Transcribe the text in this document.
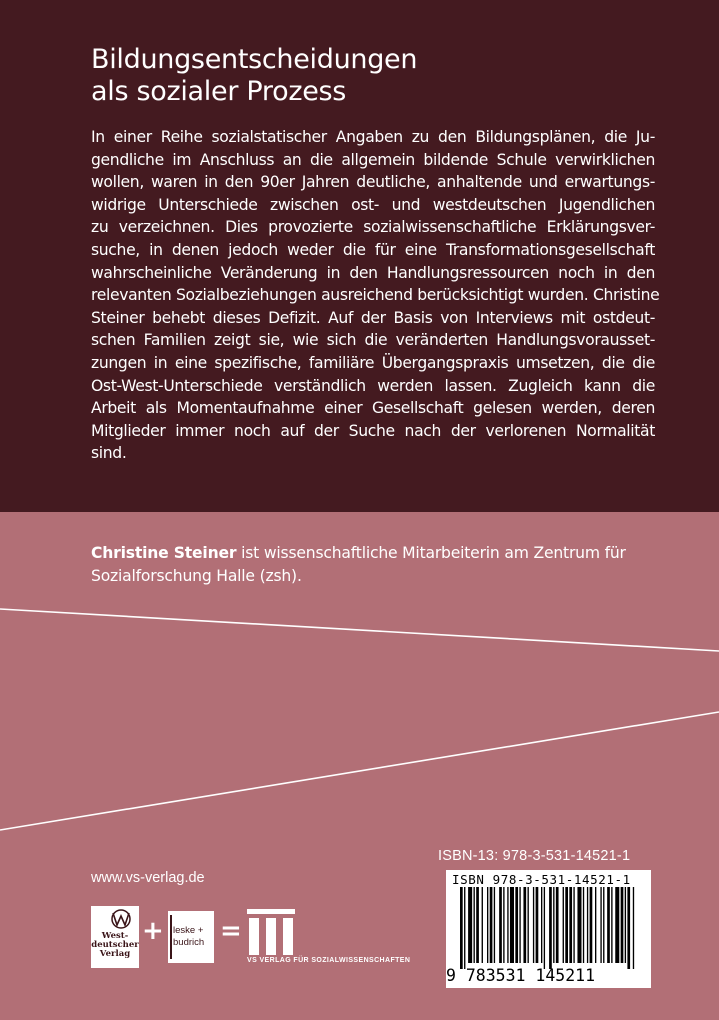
Bildungsentscheidungen
als sozialer Prozess

In einer Reihe sozialstatischer Angaben zu den Bildungsplänen, die Ju-
gendliche im Anschluss an die allgemein bildende Schule verwirklichen
wollen, waren in den 90er Jahren deutliche, anhaltende und erwartungs-
widrige Unterschiede zwischen ost- und westdeutschen Jugendlichen
zu verzeichnen. Dies provozierte sozialwissenschaftliche Erklärungsver-
suche, in denen jedoch weder die für eine Transformationsgesellschaft
wahrscheinliche Veränderung in den Handlungsressourcen noch in den
relevanten Sozialbeziehungen ausreichend berücksichtigt wurden. Christine
Steiner behebt dieses Defizit. Auf der Basis von Interviews mit ostdeut-
schen Familien zeigt sie, wie sich die veränderten Handlungsvorausset-
zungen in eine spezifische, familiäre Übergangspraxis umsetzen, die die
Ost-West-Unterschiede verständlich werden lassen. Zugleich kann die
Arbeit als Momentaufnahme einer Gesellschaft gelesen werden, deren
Mitglieder immer noch auf der Suche nach der verlorenen Normalität
sind.

Christine Steiner ist wissenschaftliche Mitarbeiterin am Zentrum für
Sozialforschung Halle (zsh).

ISBN-13: 978-3-531-14521-1
ISBN 978-3-531-14521-1
9 783531 145211
www.vs-verlag.de
West-
deutscher
Verlag
+ leske +
budrich =
VS VERLAG FÜR SOZIALWISSENSCHAFTEN
